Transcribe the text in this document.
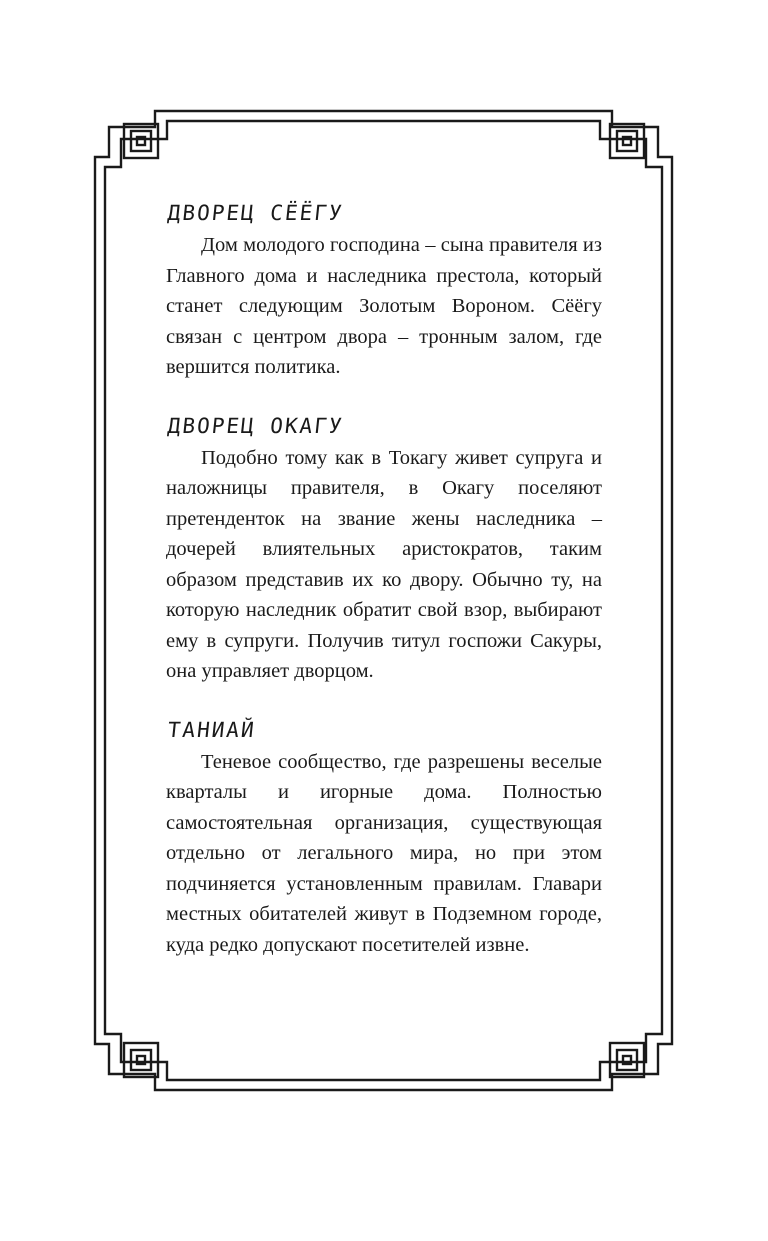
ДВОРЕЦ СЁЁГУ

Дом молодого господина – сына правителя из Главного дома и наследника престола, который станет следующим Золотым Вороном. Сёёгу связан с центром двора – тронным залом, где вершится политика.

ДВОРЕЦ ОКАГУ

Подобно тому как в Токагу живет супруга и наложницы правителя, в Окагу поселяют претенденток на звание жены наследника – дочерей влиятельных аристократов, таким образом представив их ко двору. Обычно ту, на которую наследник обратит свой взор, выбирают ему в супруги. Получив титул госпожи Сакуры, она управляет дворцом.

ТАНИАЙ

Теневое сообщество, где разрешены веселые кварталы и игорные дома. Полностью самостоятельная организация, существующая отдельно от легального мира, но при этом подчиняется установленным правилам. Главари местных обитателей живут в Подземном городе, куда редко допускают посетителей извне.
